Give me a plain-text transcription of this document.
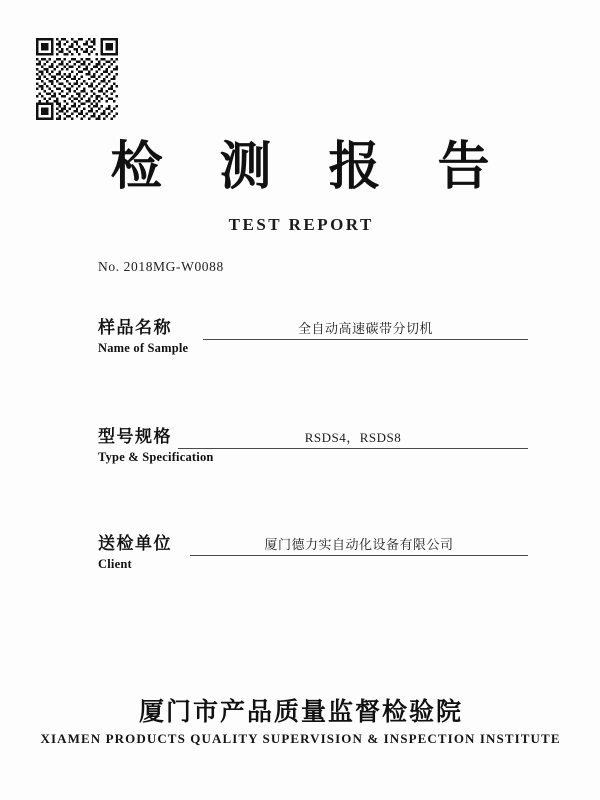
检 测 报 告
TEST REPORT
No. 2018MG-W0088
样品名称
Name of Sample
全自动高速碳带分切机
型号规格
Type & Specification
RSDS4，RSDS8
送检单位
Client
厦门德力实自动化设备有限公司
厦门市产品质量监督检验院
XIAMEN PRODUCTS QUALITY SUPERVISION & INSPECTION INSTITUTE
